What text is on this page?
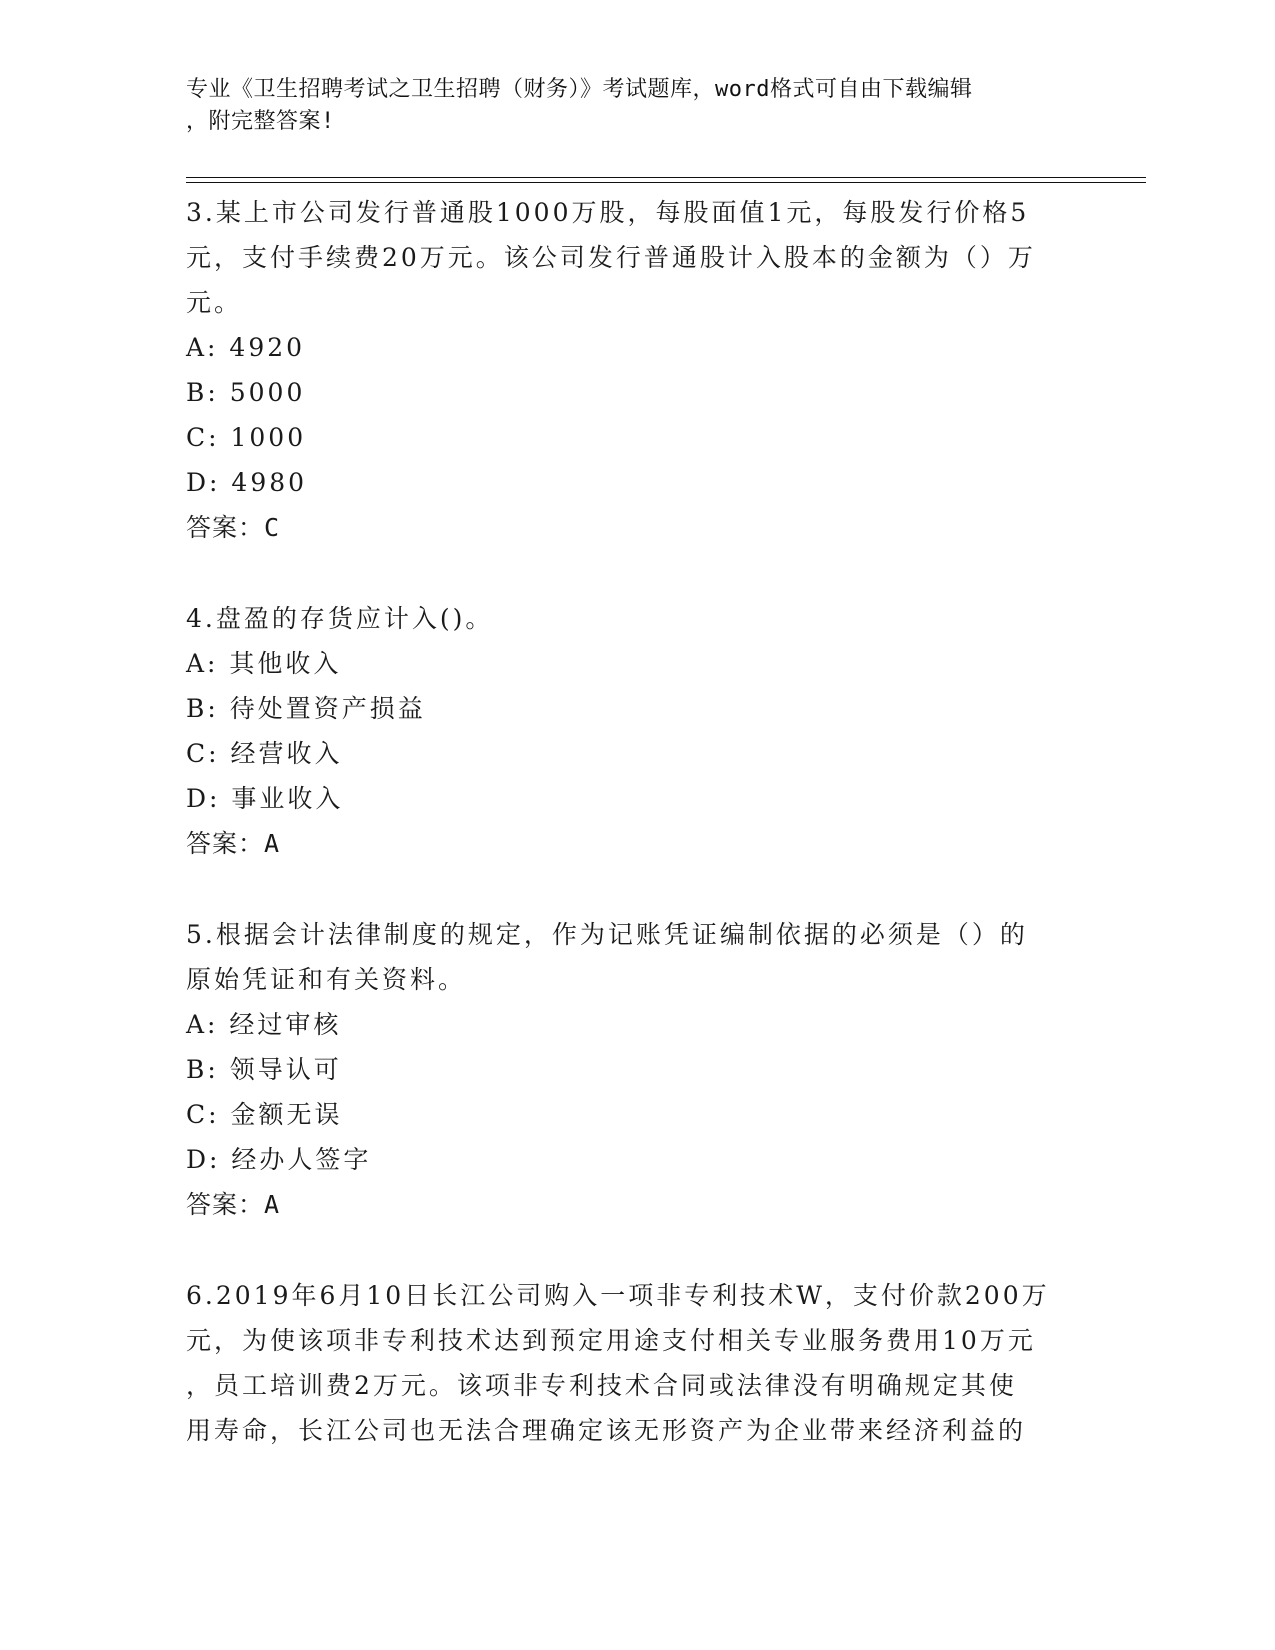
专业《卫生招聘考试之卫生招聘（财务）》考试题库，word格式可自由下载编辑
，附完整答案!

3.某上市公司发行普通股1000万股，每股面值1元，每股发行价格5

元，支付手续费20万元。该公司发行普通股计入股本的金额为（）万

元。

A: 4920

B: 5000

C: 1000

D: 4980

答案：C

4.盘盈的存货应计入()。

A: 其他收入

B: 待处置资产损益

C: 经营收入

D: 事业收入

答案：A

5.根据会计法律制度的规定，作为记账凭证编制依据的必须是（）的

原始凭证和有关资料。

A: 经过审核

B: 领导认可

C: 金额无误

D: 经办人签字

答案：A

6.2019年6月10日长江公司购入一项非专利技术W，支付价款200万

元，为使该项非专利技术达到预定用途支付相关专业服务费用10万元

，员工培训费2万元。该项非专利技术合同或法律没有明确规定其使

用寿命，长江公司也无法合理确定该无形资产为企业带来经济利益的
